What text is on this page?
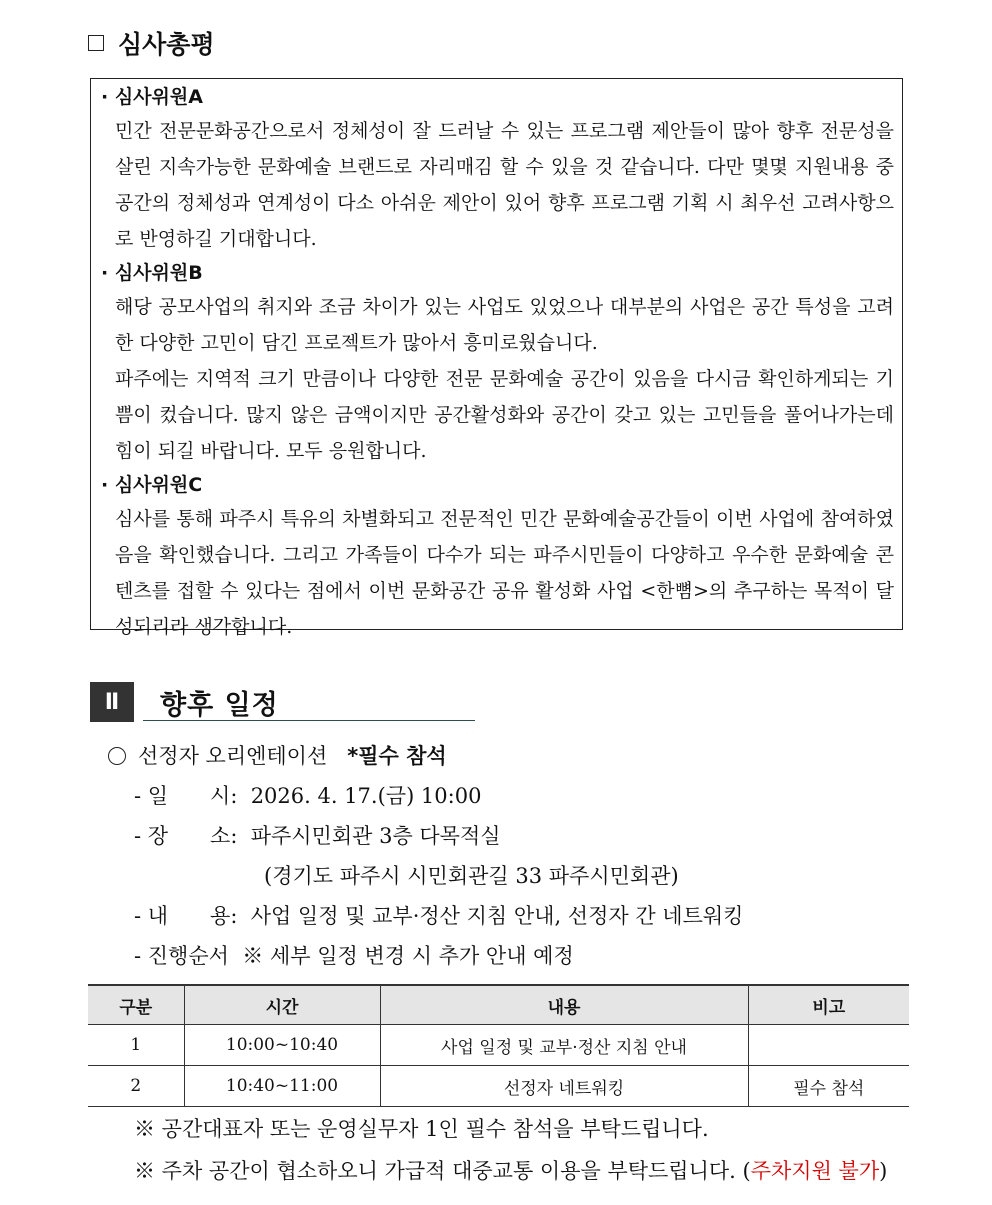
심사총평
· 심사위원A

민간 전문문화공간으로서 정체성이 잘 드러날 수 있는 프로그램 제안들이 많아 향후 전문성을 살린 지속가능한 문화예술 브랜드로 자리매김 할 수 있을 것 같습니다. 다만 몇몇 지원내용 중 공간의 정체성과 연계성이 다소 아쉬운 제안이 있어 향후 프로그램 기획 시 최우선 고려사항으로 반영하길 기대합니다.

· 심사위원B

해당 공모사업의 취지와 조금 차이가 있는 사업도 있었으나 대부분의 사업은 공간 특성을 고려한 다양한 고민이 담긴 프로젝트가 많아서 흥미로웠습니다.

파주에는 지역적 크기 만큼이나 다양한 전문 문화예술 공간이 있음을 다시금 확인하게되는 기쁨이 컸습니다. 많지 않은 금액이지만 공간활성화와 공간이 갖고 있는 고민들을 풀어나가는데 힘이 되길 바랍니다. 모두 응원합니다.

· 심사위원C

심사를 통해 파주시 특유의 차별화되고 전문적인 민간 문화예술공간들이 이번 사업에 참여하였음을 확인했습니다. 그리고 가족들이 다수가 되는 파주시민들이 다양하고 우수한 문화예술 콘텐츠를 접할 수 있다는 점에서 이번 문화공간 공유 활성화 사업 <한뼘>의 추구하는 목적이 달성되리라 생각합니다.

Ⅱ	향후 일정
선정자 오리엔테이션 *필수 참석
- 일　　시: 2026. 4. 17.(금) 10:00
- 장　　소: 파주시민회관 3층 다목적실
(경기도 파주시 시민회관길 33 파주시민회관)
- 내　　용: 사업 일정 및 교부·정산 지침 안내, 선정자 간 네트워킹
- 진행순서 ※ 세부 일정 변경 시 추가 안내 예정
구분	시간	내용	비고
1	10:00~10:40	사업 일정 및 교부·정산 지침 안내	
2	10:40~11:00	선정자 네트워킹	필수 참석
※ 공간대표자 또는 운영실무자 1인 필수 참석을 부탁드립니다.
※ 주차 공간이 협소하오니 가급적 대중교통 이용을 부탁드립니다. (주차지원 불가)
